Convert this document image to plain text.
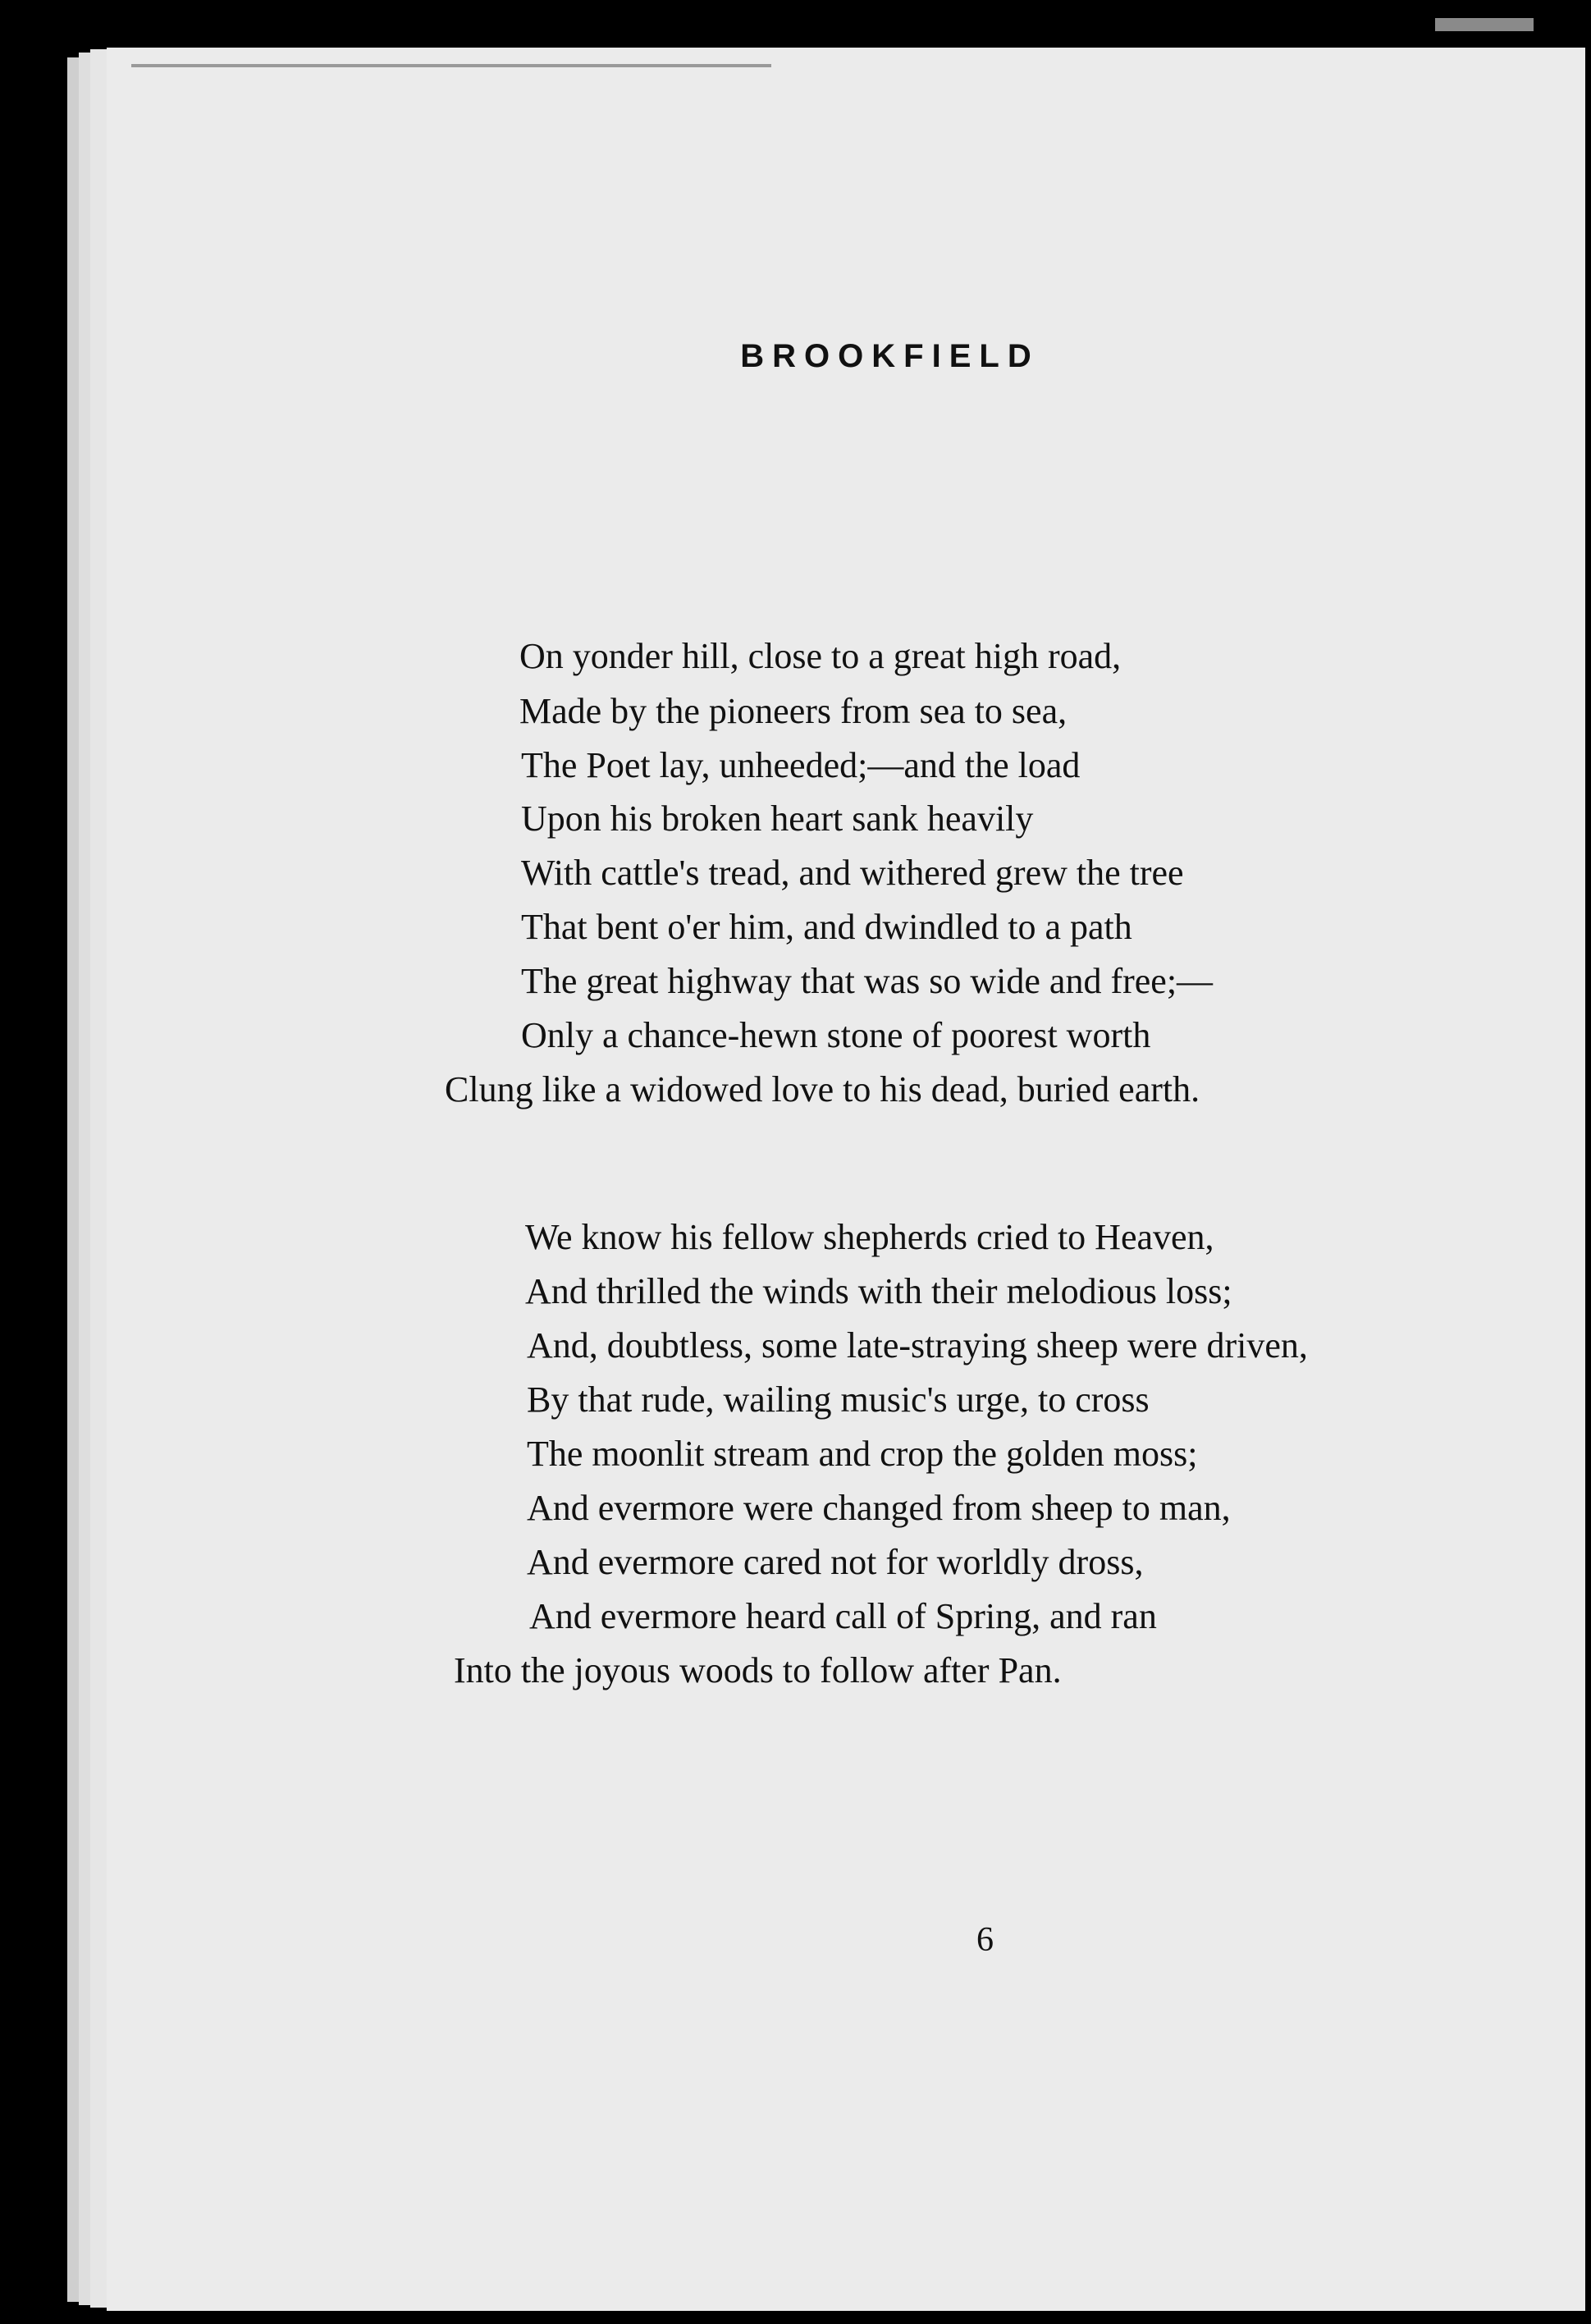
BROOKFIELD
On yonder hill, close to a great high road,
Made by the pioneers from sea to sea,
The Poet lay, unheeded;—and the load
Upon his broken heart sank heavily
With cattle's tread, and withered grew the tree
That bent o'er him, and dwindled to a path
The great highway that was so wide and free;—
Only a chance-hewn stone of poorest worth
Clung like a widowed love to his dead, buried earth.
We know his fellow shepherds cried to Heaven,
And thrilled the winds with their melodious loss;
And, doubtless, some late-straying sheep were driven,
By that rude, wailing music's urge, to cross
The moonlit stream and crop the golden moss;
And evermore were changed from sheep to man,
And evermore cared not for worldly dross,
And evermore heard call of Spring, and ran
Into the joyous woods to follow after Pan.
6
